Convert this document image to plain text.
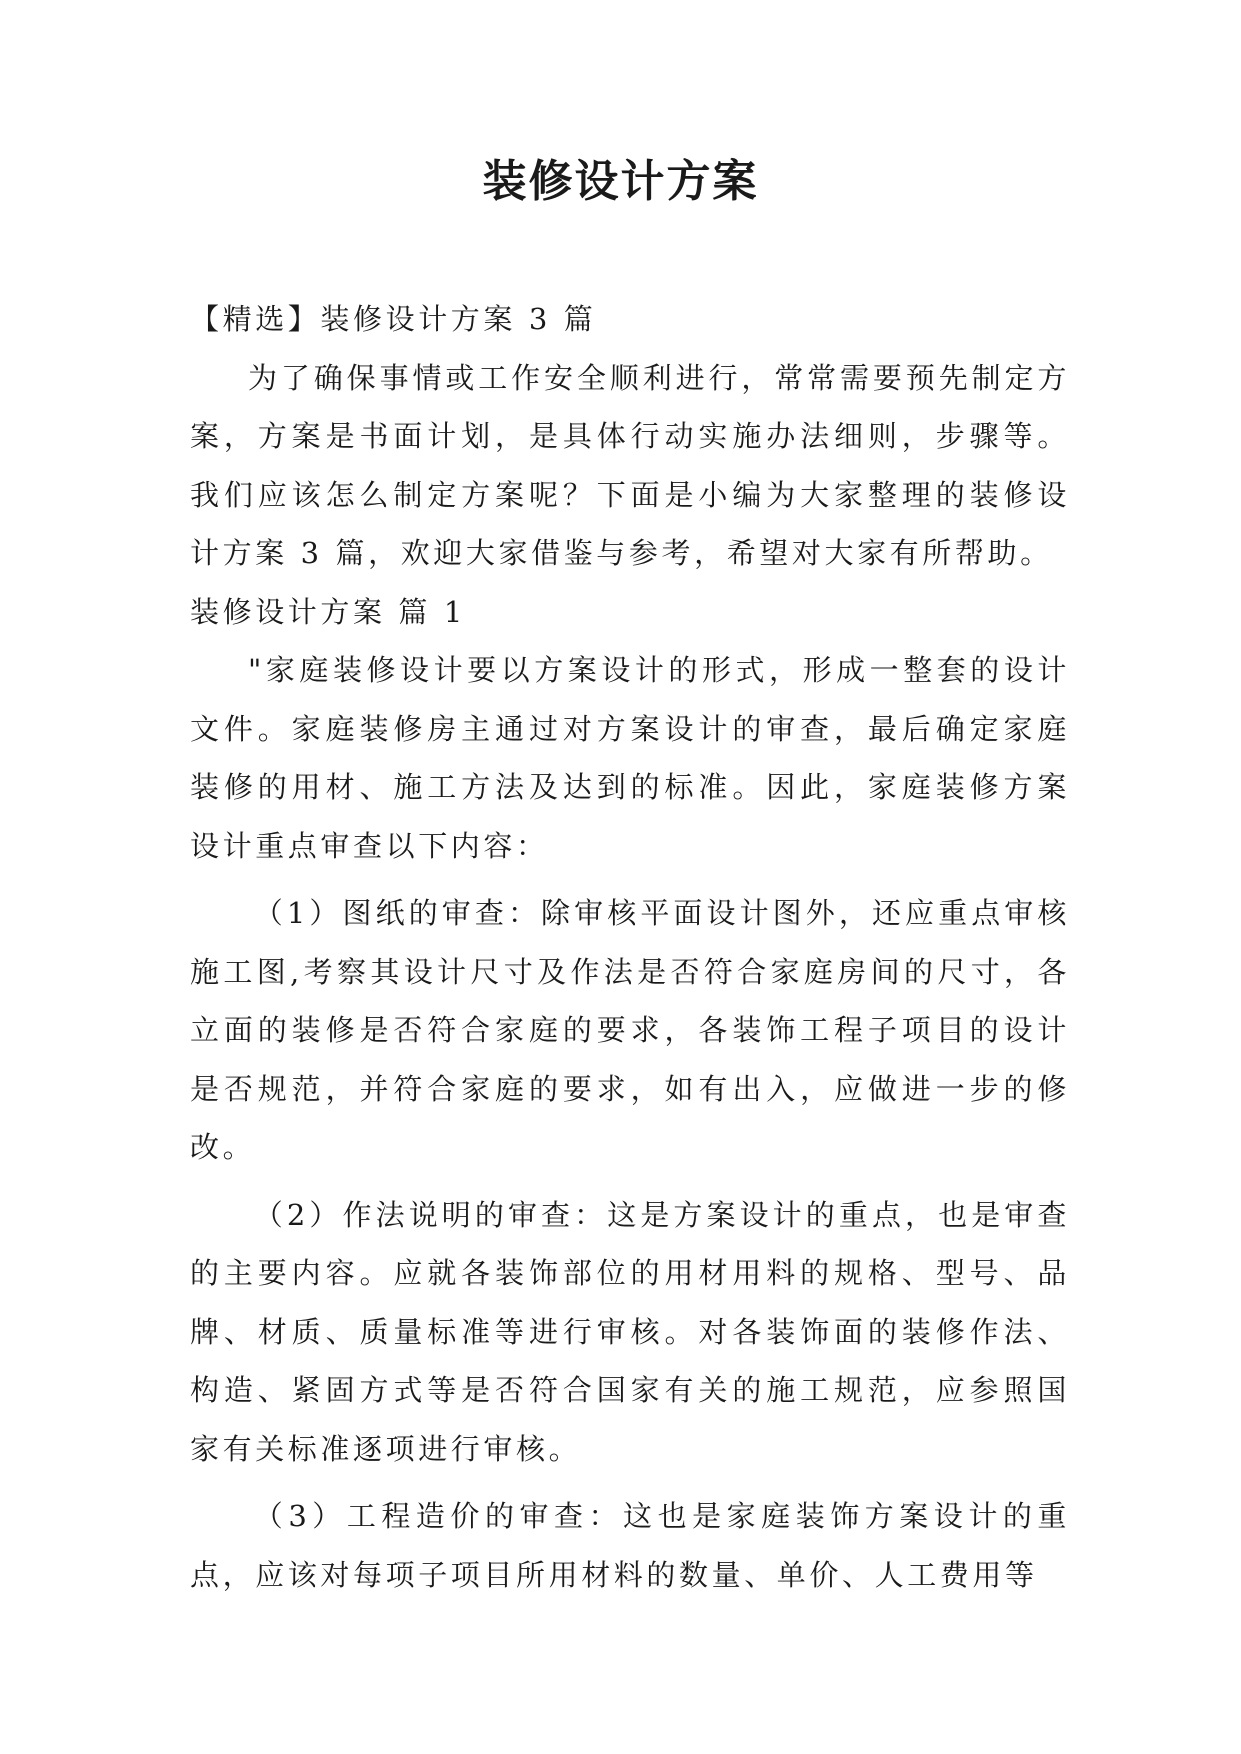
装修设计方案

【精选】装修设计方案 3 篇

为了确保事情或工作安全顺利进行，常常需要预先制定方案，方案是书面计划，是具体行动实施办法细则，步骤等。我们应该怎么制定方案呢？下面是小编为大家整理的装修设计方案 3 篇，欢迎大家借鉴与参考，希望对大家有所帮助。

装修设计方案 篇 1

"家庭装修设计要以方案设计的形式，形成一整套的设计文件。家庭装修房主通过对方案设计的审查，最后确定家庭装修的用材、施工方法及达到的标准。因此，家庭装修方案设计重点审查以下内容：

（1）图纸的审查：除审核平面设计图外，还应重点审核施工图,考察其设计尺寸及作法是否符合家庭房间的尺寸，各立面的装修是否符合家庭的要求，各装饰工程子项目的设计是否规范，并符合家庭的要求，如有出入，应做进一步的修改。

（2）作法说明的审查：这是方案设计的重点，也是审查的主要内容。应就各装饰部位的用材用料的规格、型号、品牌、材质、质量标准等进行审核。对各装饰面的装修作法、构造、紧固方式等是否符合国家有关的施工规范，应参照国家有关标准逐项进行审核。

（3）工程造价的审查：这也是家庭装饰方案设计的重点，应该对每项子项目所用材料的数量、单价、人工费用等
